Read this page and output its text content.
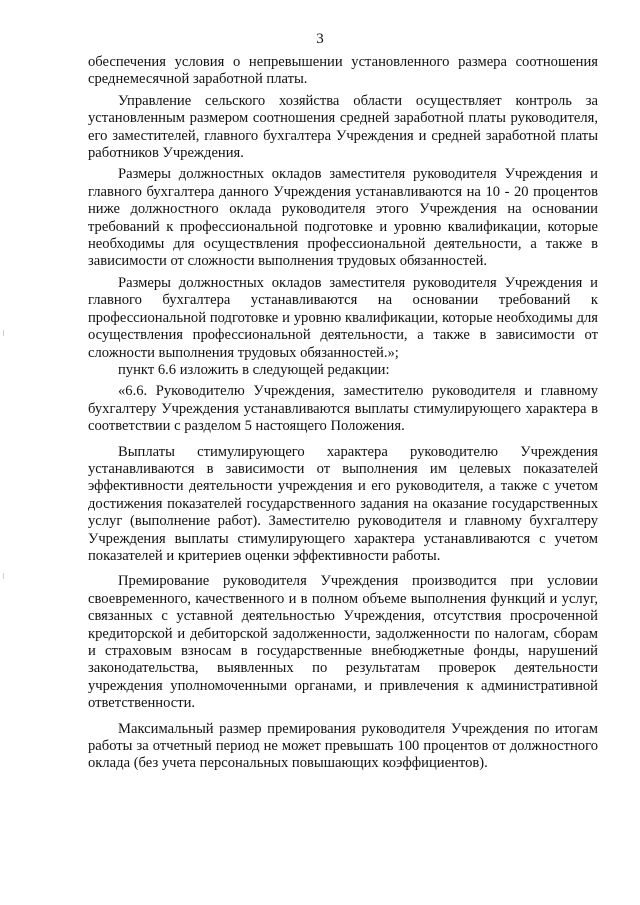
3

обеспечения условия о непревышении установленного размера соотношения среднемесячной заработной платы.

Управление сельского хозяйства области осуществляет контроль за установленным размером соотношения средней заработной платы руководителя, его заместителей, главного бухгалтера Учреждения и средней заработной платы работников Учреждения.

Размеры должностных окладов заместителя руководителя Учреждения и главного бухгалтера данного Учреждения устанавливаются на 10 - 20 процентов ниже должностного оклада руководителя этого Учреждения на основании требований к профессиональной подготовке и уровню квалификации, которые необходимы для осуществления профессиональной деятельности, а также в зависимости от сложности выполнения трудовых обязанностей.

Размеры должностных окладов заместителя руководителя Учреждения и главного бухгалтера устанавливаются на основании требований к профессиональной подготовке и уровню квалификации, которые необходимы для осуществления профессиональной деятельности, а также в зависимости от сложности выполнения трудовых обязанностей.»;

пункт 6.6 изложить в следующей редакции:

«6.6. Руководителю Учреждения, заместителю руководителя и главному бухгалтеру Учреждения устанавливаются выплаты стимулирующего характера в соответствии с разделом 5 настоящего Положения.

Выплаты стимулирующего характера руководителю Учреждения устанавливаются в зависимости от выполнения им целевых показателей эффективности деятельности учреждения и его руководителя, а также с учетом достижения показателей государственного задания на оказание государственных услуг (выполнение работ). Заместителю руководителя и главному бухгалтеру Учреждения выплаты стимулирующего характера устанавливаются с учетом показателей и критериев оценки эффективности работы.

Премирование руководителя Учреждения производится при условии своевременного, качественного и в полном объеме выполнения функций и услуг, связанных с уставной деятельностью Учреждения, отсутствия просроченной кредиторской и дебиторской задолженности, задолженности по налогам, сборам и страховым взносам в государственные внебюджетные фонды, нарушений законодательства, выявленных по результатам проверок деятельности учреждения уполномоченными органами, и привлечения к административной ответственности.

Максимальный размер премирования руководителя Учреждения по итогам работы за отчетный период не может превышать 100 процентов от должностного оклада (без учета персональных повышающих коэффициентов).
